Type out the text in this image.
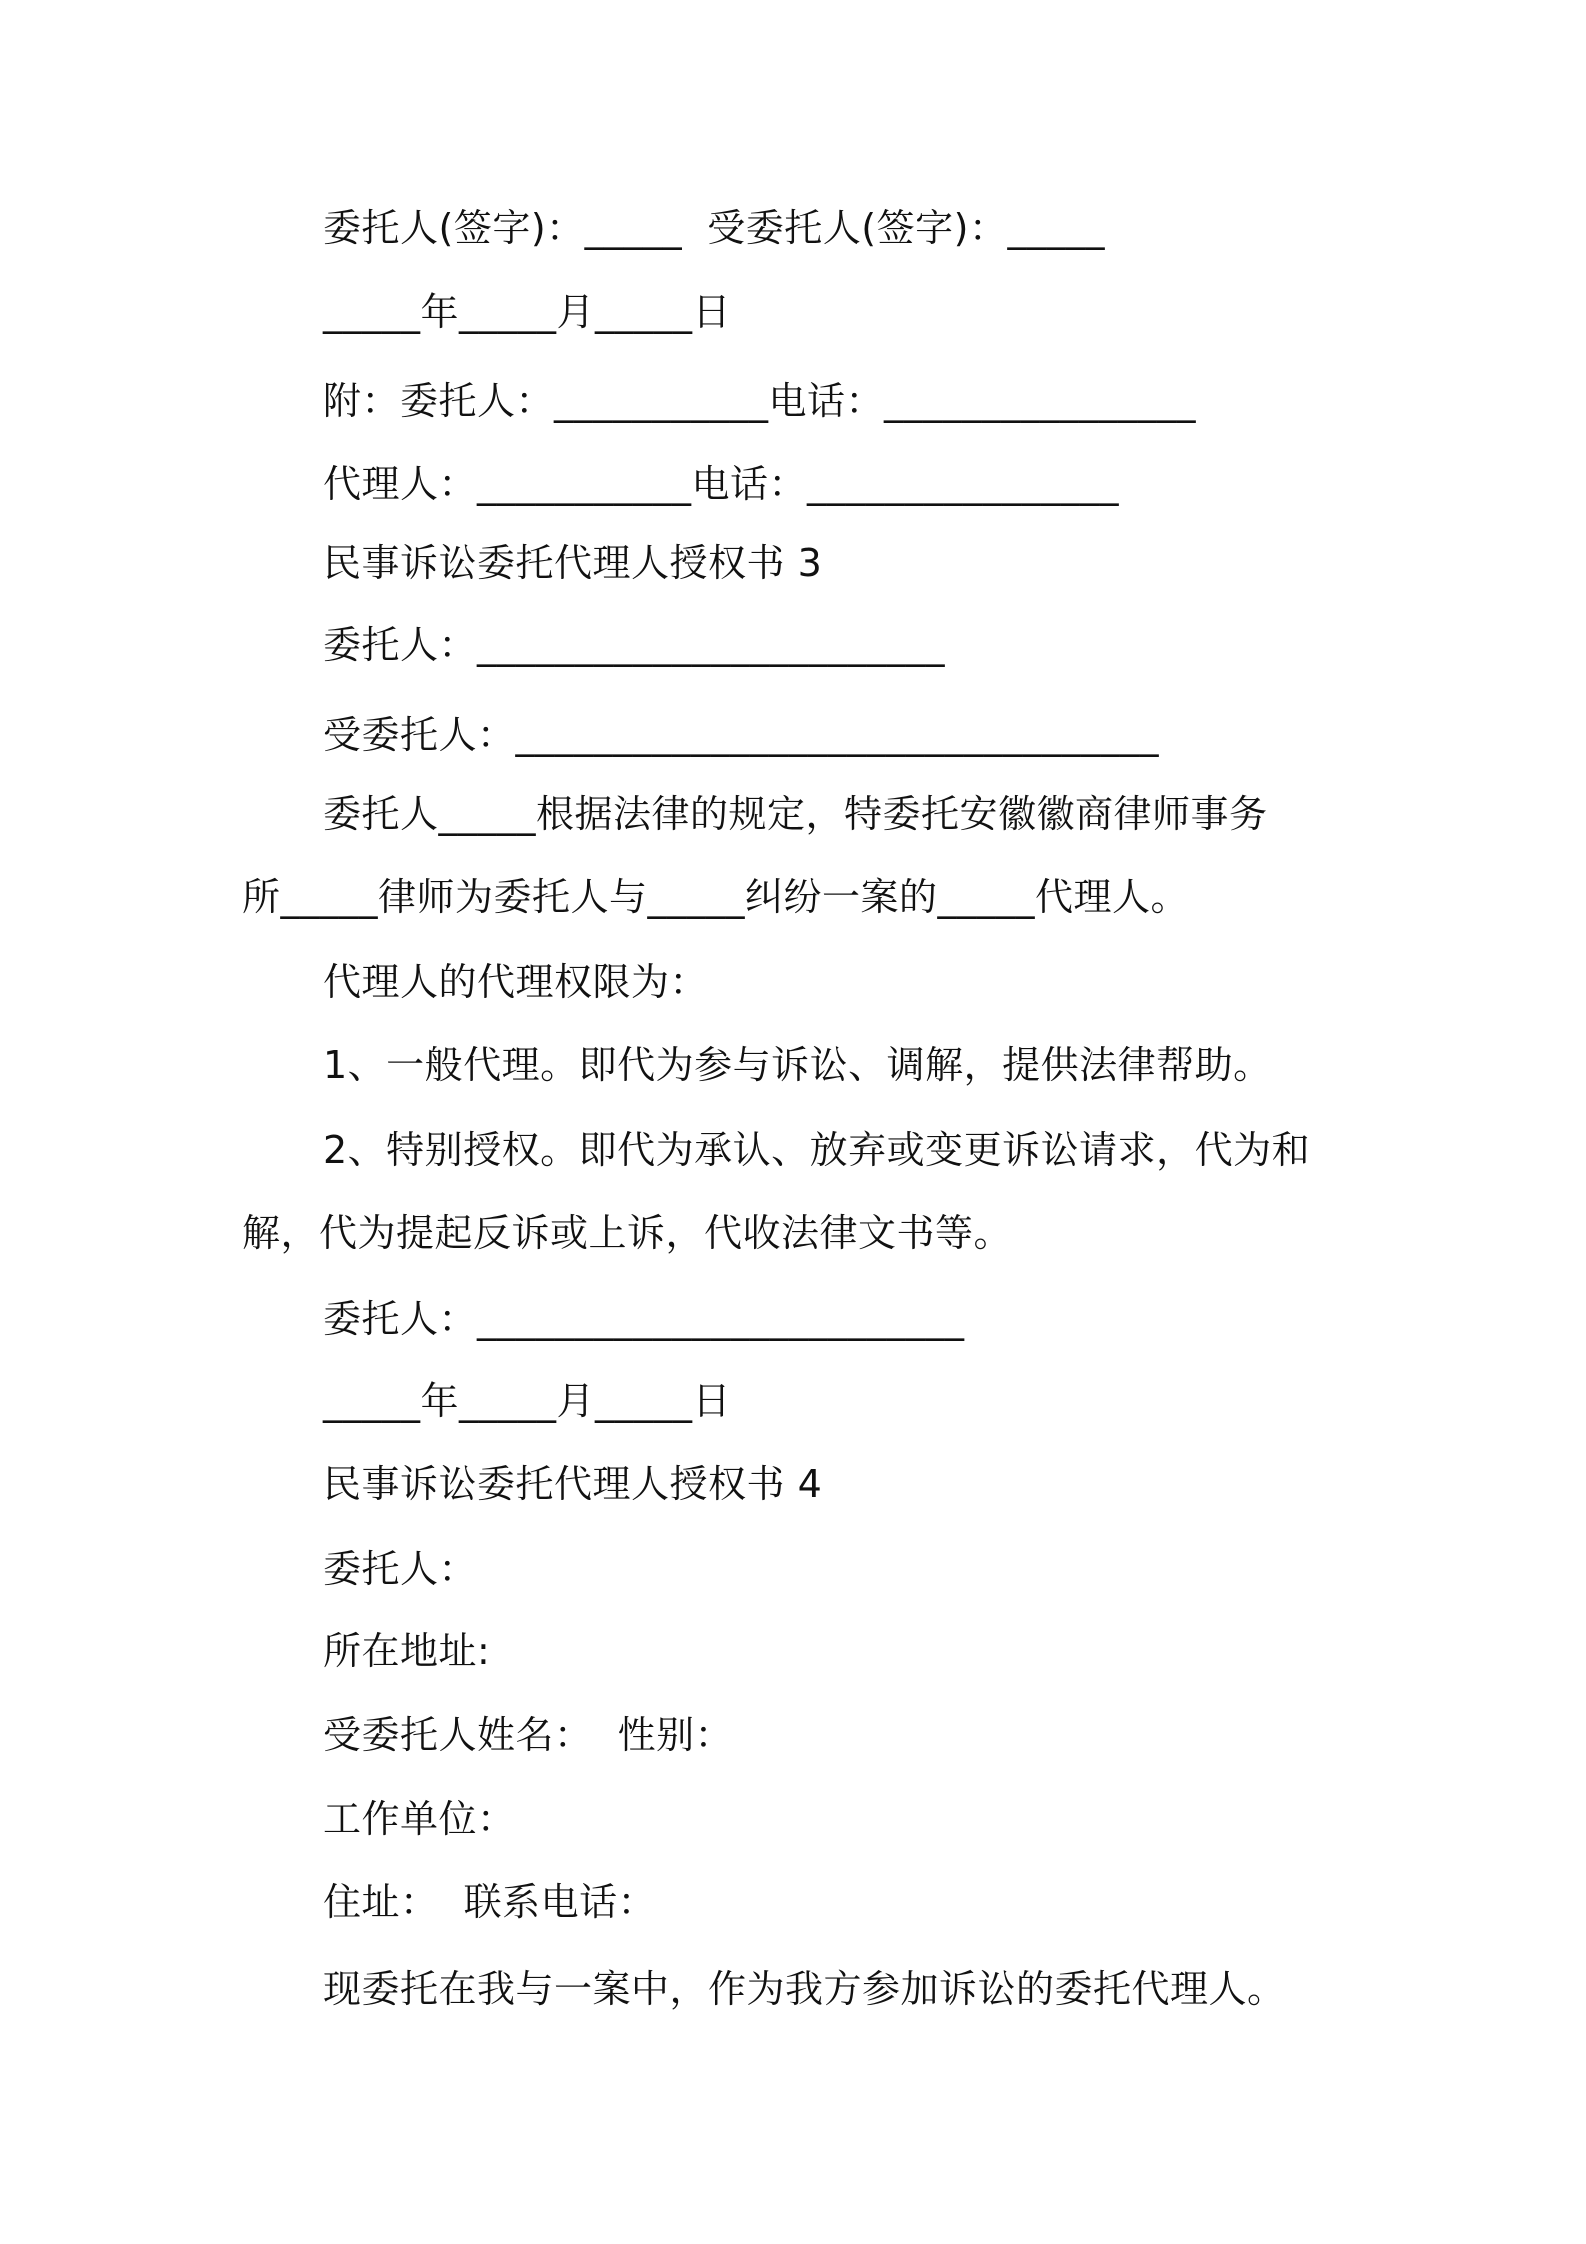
委托人(签字)：_____  受委托人(签字)：_____
_____年_____月_____日
附：委托人：___________电话：________________
代理人：___________电话：________________
民事诉讼委托代理人授权书 3
委托人：________________________
受委托人：_________________________________
委托人_____根据法律的规定，特委托安徽徽商律师事务
所_____律师为委托人与_____纠纷一案的_____代理人。
代理人的代理权限为：
1、一般代理。即代为参与诉讼、调解，提供法律帮助。
2、特别授权。即代为承认、放弃或变更诉讼请求，代为和
解，代为提起反诉或上诉，代收法律文书等。
委托人：_________________________
_____年_____月_____日
民事诉讼委托代理人授权书 4
委托人：
所在地址:
受委托人姓名：  性别：
工作单位：
住址：  联系电话：
现委托在我与一案中，作为我方参加诉讼的委托代理人。
